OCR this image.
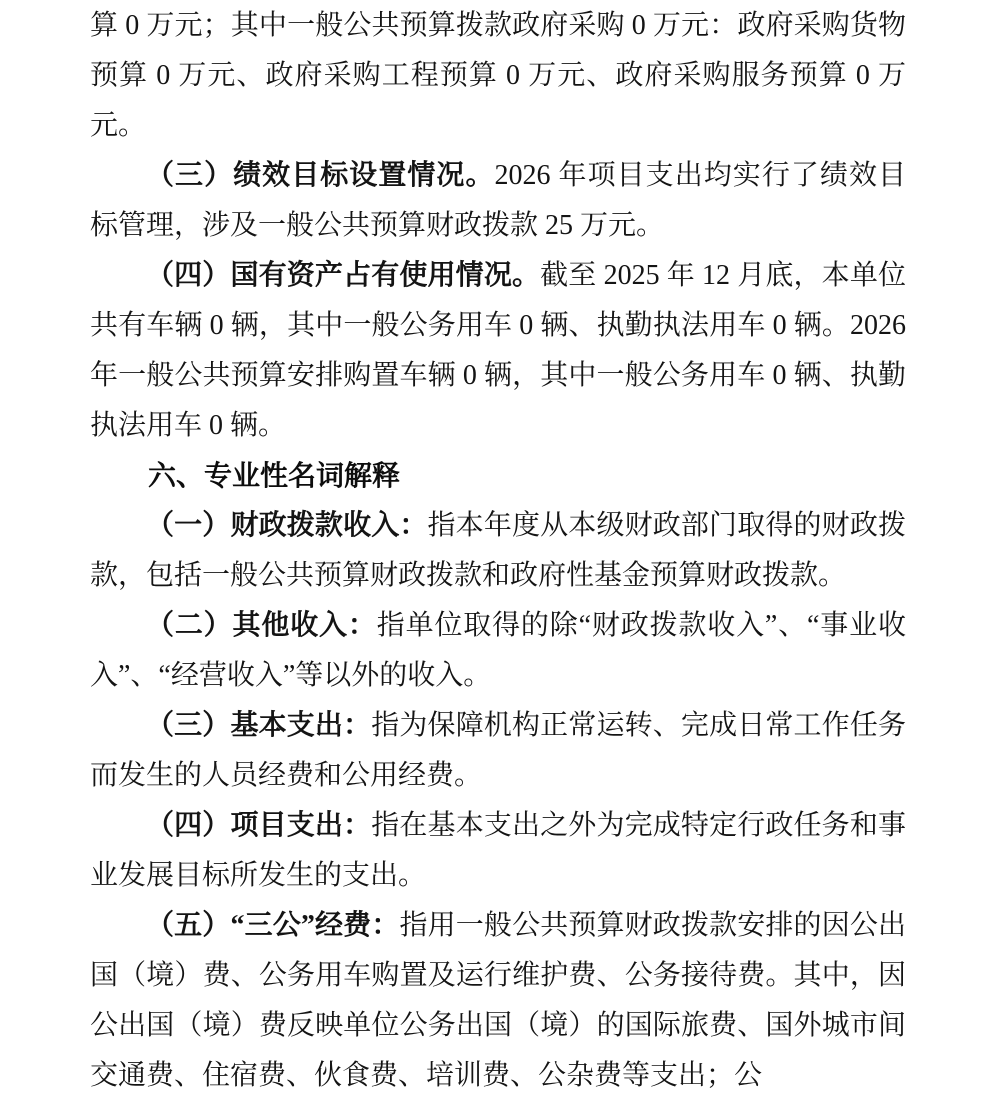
算 0 万元；其中一般公共预算拨款政府采购 0 万元：政府采购货物预算 0 万元、政府采购工程预算 0 万元、政府采购服务预算 0 万元。

（三）绩效目标设置情况。2026 年项目支出均实行了绩效目标管理，涉及一般公共预算财政拨款 25 万元。

（四）国有资产占有使用情况。截至 2025 年 12 月底，本单位共有车辆 0 辆，其中一般公务用车 0 辆、执勤执法用车 0 辆。2026 年一般公共预算安排购置车辆 0 辆，其中一般公务用车 0 辆、执勤执法用车 0 辆。

六、专业性名词解释

（一）财政拨款收入：指本年度从本级财政部门取得的财政拨款，包括一般公共预算财政拨款和政府性基金预算财政拨款。

（二）其他收入：指单位取得的除“财政拨款收入”、“事业收入”、“经营收入”等以外的收入。

（三）基本支出：指为保障机构正常运转、完成日常工作任务而发生的人员经费和公用经费。

（四）项目支出：指在基本支出之外为完成特定行政任务和事业发展目标所发生的支出。

（五）“三公”经费：指用一般公共预算财政拨款安排的因公出国（境）费、公务用车购置及运行维护费、公务接待费。其中，因公出国（境）费反映单位公务出国（境）的国际旅费、国外城市间交通费、住宿费、伙食费、培训费、公杂费等支出；公
